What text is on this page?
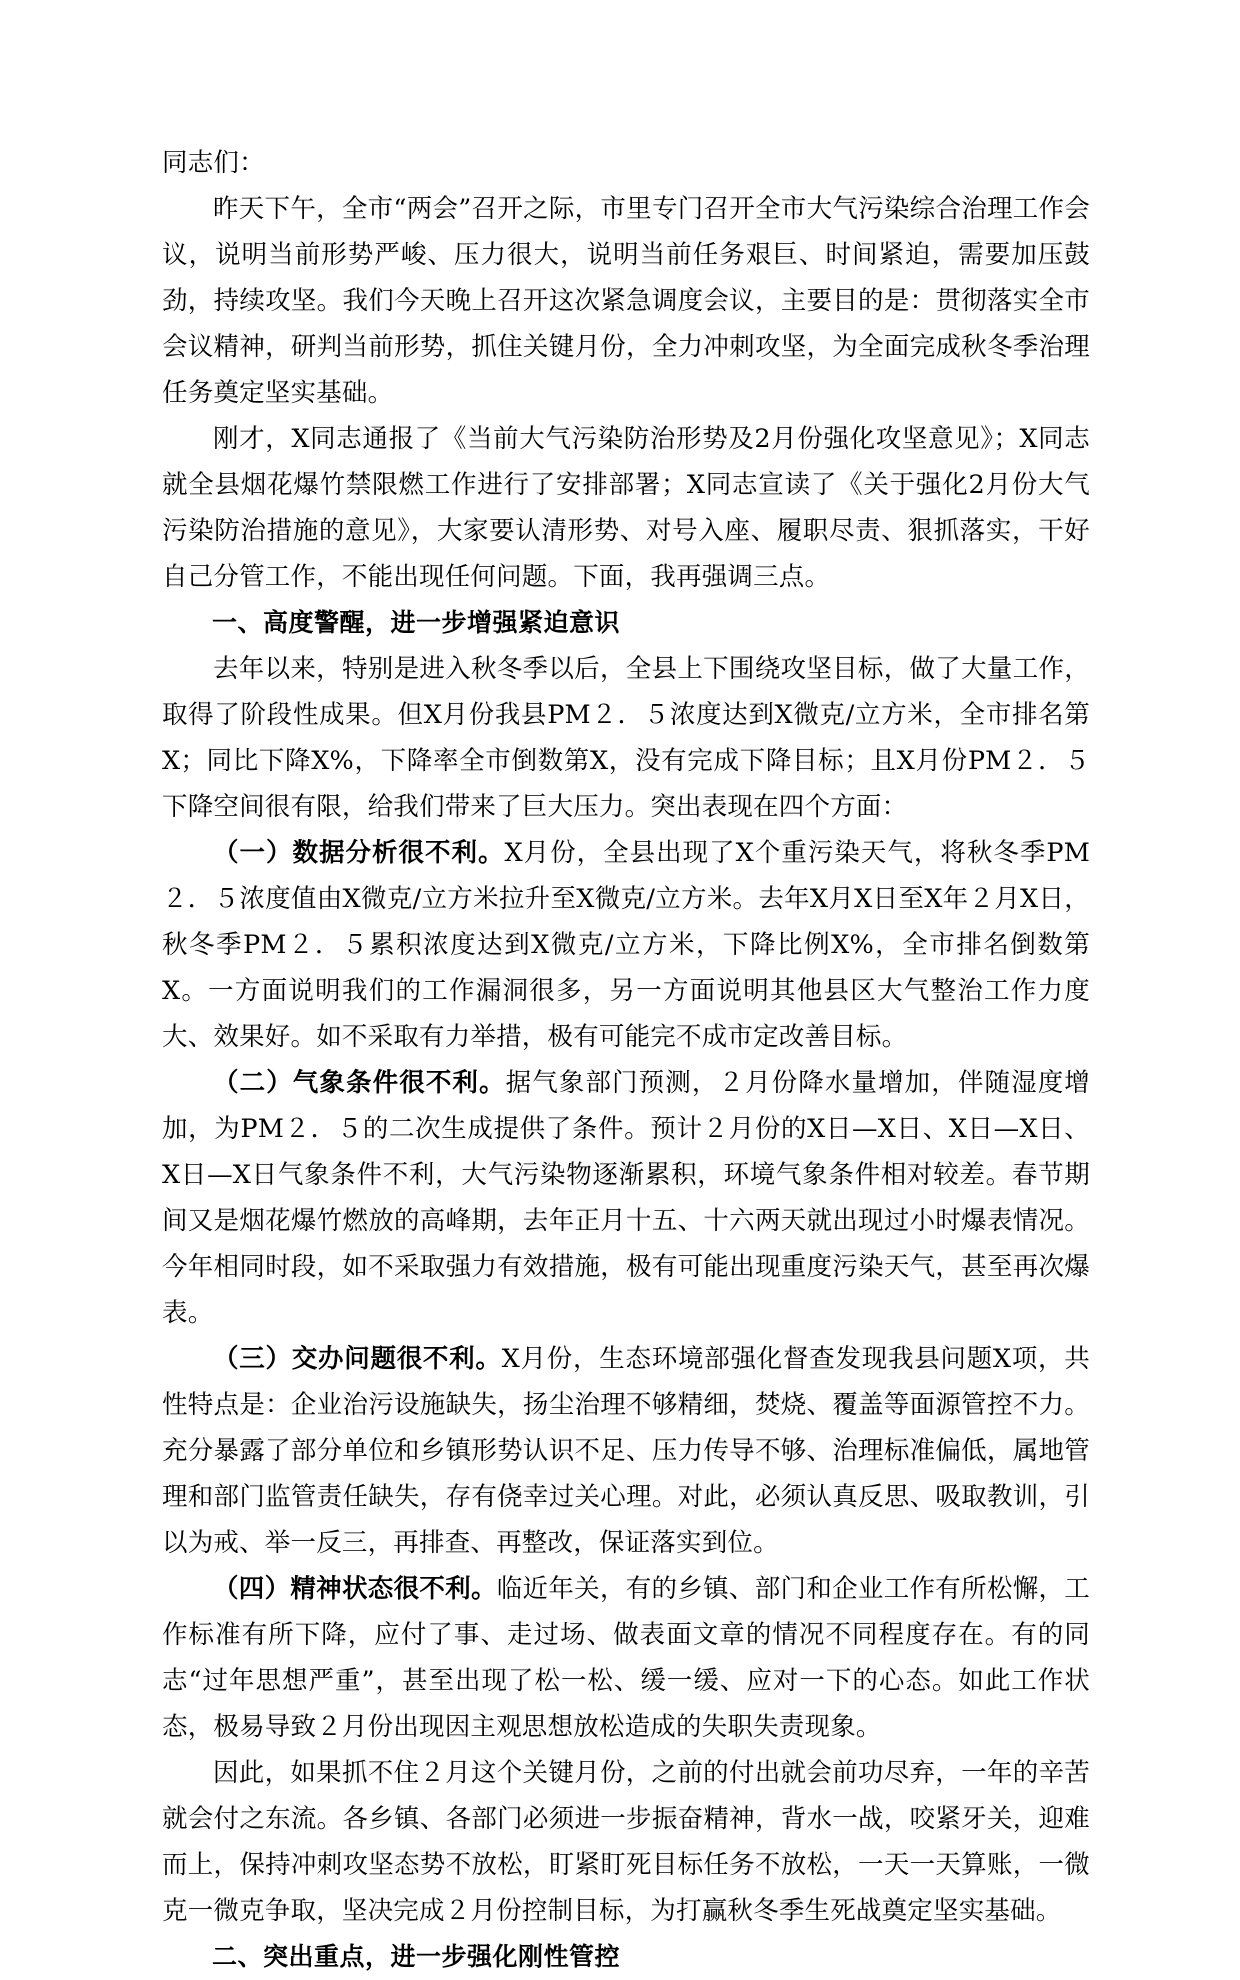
同志们：

昨天下午，全市“两会”召开之际，市里专门召开全市大气污染综合治理工作会议，说明当前形势严峻、压力很大，说明当前任务艰巨、时间紧迫，需要加压鼓劲，持续攻坚。我们今天晚上召开这次紧急调度会议，主要目的是：贯彻落实全市会议精神，研判当前形势，抓住关键月份，全力冲刺攻坚，为全面完成秋冬季治理任务奠定坚实基础。

刚才，X同志通报了《当前大气污染防治形势及2月份强化攻坚意见》；X同志就全县烟花爆竹禁限燃工作进行了安排部署；X同志宣读了《关于强化2月份大气污染防治措施的意见》，大家要认清形势、对号入座、履职尽责、狠抓落实，干好自己分管工作，不能出现任何问题。下面，我再强调三点。

一、高度警醒，进一步增强紧迫意识

去年以来，特别是进入秋冬季以后，全县上下围绕攻坚目标，做了大量工作，取得了阶段性成果。但X月份我县PM２．５浓度达到X微克/立方米，全市排名第X；同比下降X%，下降率全市倒数第X，没有完成下降目标；且X月份PM２．５下降空间很有限，给我们带来了巨大压力。突出表现在四个方面：

（一）数据分析很不利。X月份，全县出现了X个重污染天气，将秋冬季PM２．５浓度值由X微克/立方米拉升至X微克/立方米。去年X月X日至X年２月X日，秋冬季PM２．５累积浓度达到X微克/立方米，下降比例X%，全市排名倒数第X。一方面说明我们的工作漏洞很多，另一方面说明其他县区大气整治工作力度大、效果好。如不采取有力举措，极有可能完不成市定改善目标。

（二）气象条件很不利。据气象部门预测，２月份降水量增加，伴随湿度增加，为PM２．５的二次生成提供了条件。预计２月份的X日—X日、X日—X日、X日—X日气象条件不利，大气污染物逐渐累积，环境气象条件相对较差。春节期间又是烟花爆竹燃放的高峰期，去年正月十五、十六两天就出现过小时爆表情况。今年相同时段，如不采取强力有效措施，极有可能出现重度污染天气，甚至再次爆表。

（三）交办问题很不利。X月份，生态环境部强化督查发现我县问题X项，共性特点是：企业治污设施缺失，扬尘治理不够精细，焚烧、覆盖等面源管控不力。充分暴露了部分单位和乡镇形势认识不足、压力传导不够、治理标准偏低，属地管理和部门监管责任缺失，存有侥幸过关心理。对此，必须认真反思、吸取教训，引以为戒、举一反三，再排查、再整改，保证落实到位。

（四）精神状态很不利。临近年关，有的乡镇、部门和企业工作有所松懈，工作标准有所下降，应付了事、走过场、做表面文章的情况不同程度存在。有的同志“过年思想严重”，甚至出现了松一松、缓一缓、应对一下的心态。如此工作状态，极易导致２月份出现因主观思想放松造成的失职失责现象。

因此，如果抓不住２月这个关键月份，之前的付出就会前功尽弃，一年的辛苦就会付之东流。各乡镇、各部门必须进一步振奋精神，背水一战，咬紧牙关，迎难而上，保持冲刺攻坚态势不放松，盯紧盯死目标任务不放松，一天一天算账，一微克一微克争取，坚决完成２月份控制目标，为打赢秋冬季生死战奠定坚实基础。

二、突出重点，进一步强化刚性管控
